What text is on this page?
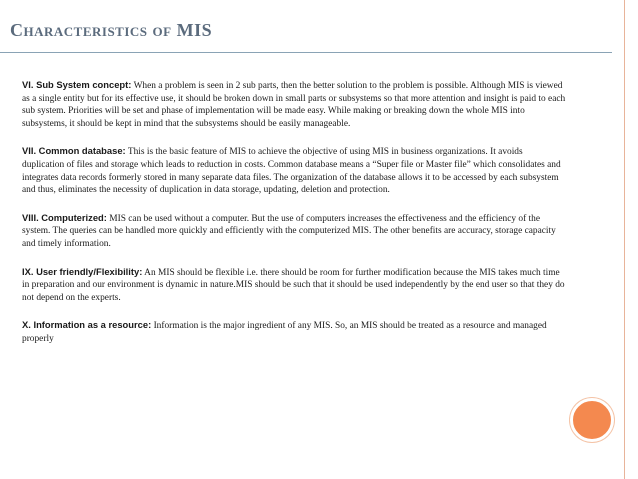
Characteristics of MIS

VI. Sub System concept: When a problem is seen in 2 sub parts, then the better solution to the problem is possible. Although MIS is viewed as a single entity but for its effective use, it should be broken down in small parts or subsystems so that more attention and insight is paid to each sub system. Priorities will be set and phase of implementation will be made easy. While making or breaking down the whole MIS into subsystems, it should be kept in mind that the subsystems should be easily manageable.

VII. Common database: This is the basic feature of MIS to achieve the objective of using MIS in business organizations. It avoids duplication of files and storage which leads to reduction in costs. Common database means a “Super file or Master file” which consolidates and integrates data records formerly stored in many separate data files. The organization of the database allows it to be accessed by each subsystem and thus, eliminates the necessity of duplication in data storage, updating, deletion and protection.

VIII. Computerized: MIS can be used without a computer. But the use of computers increases the effectiveness and the efficiency of the system. The queries can be handled more quickly and efficiently with the computerized MIS. The other benefits are accuracy, storage capacity and timely information.

IX. User friendly/Flexibility: An MIS should be flexible i.e. there should be room for further modification because the MIS takes much time in preparation and our environment is dynamic in nature.MIS should be such that it should be used independently by the end user so that they do not depend on the experts.

X. Information as a resource: Information is the major ingredient of any MIS. So, an MIS should be treated as a resource and managed properly
